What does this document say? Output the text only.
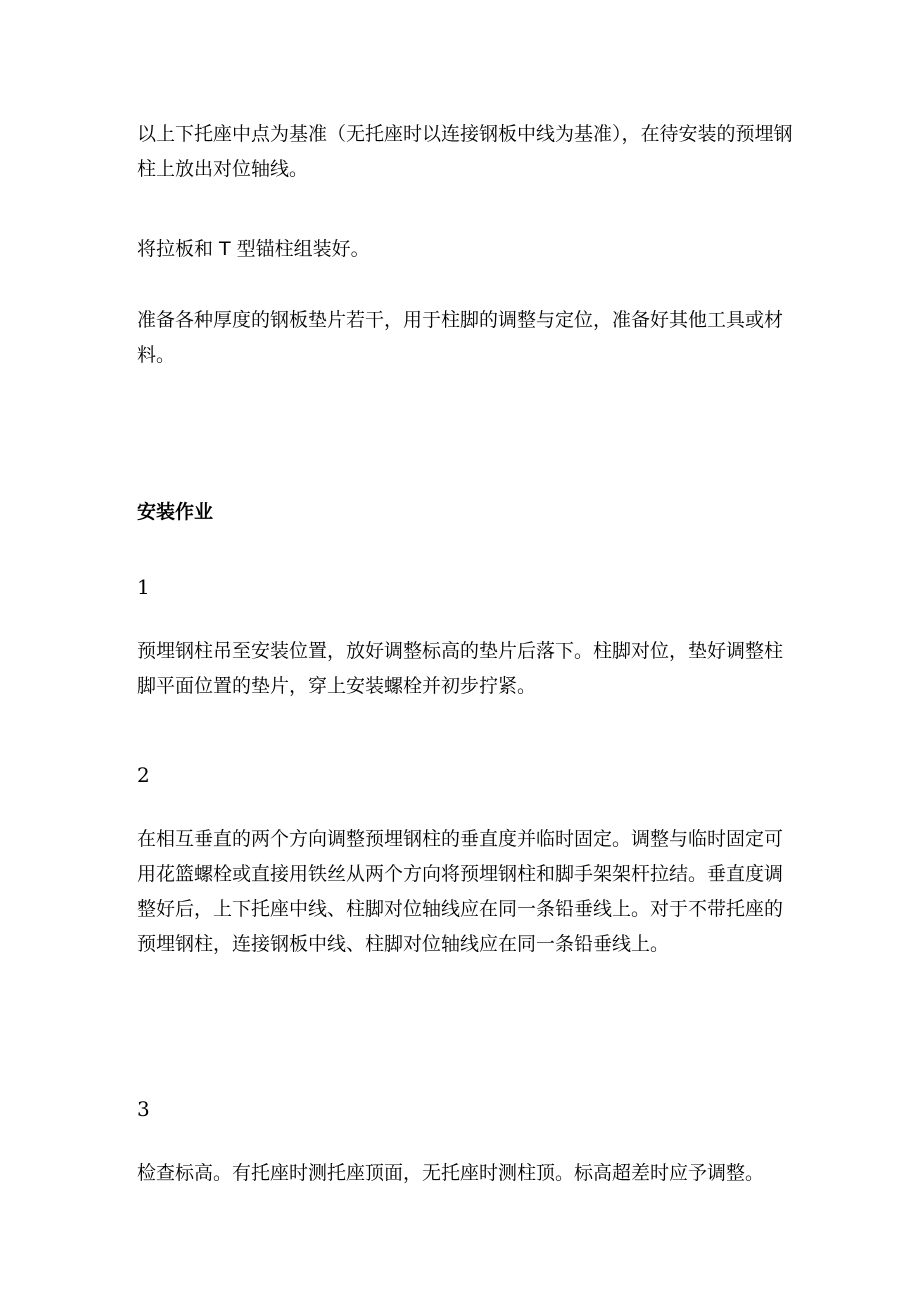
以上下托座中点为基准（无托座时以连接钢板中线为基准），在待安装的预埋钢柱上放出对位轴线。

将拉板和 T 型锚柱组装好。

准备各种厚度的钢板垫片若干，用于柱脚的调整与定位，准备好其他工具或材料。

安装作业
1

预埋钢柱吊至安装位置，放好调整标高的垫片后落下。柱脚对位，垫好调整柱脚平面位置的垫片，穿上安装螺栓并初步拧紧。

2

在相互垂直的两个方向调整预埋钢柱的垂直度并临时固定。调整与临时固定可用花篮螺栓或直接用铁丝从两个方向将预埋钢柱和脚手架架杆拉结。垂直度调整好后，上下托座中线、柱脚对位轴线应在同一条铅垂线上。对于不带托座的预埋钢柱，连接钢板中线、柱脚对位轴线应在同一条铅垂线上。

3

检查标高。有托座时测托座顶面，无托座时测柱顶。标高超差时应予调整。
